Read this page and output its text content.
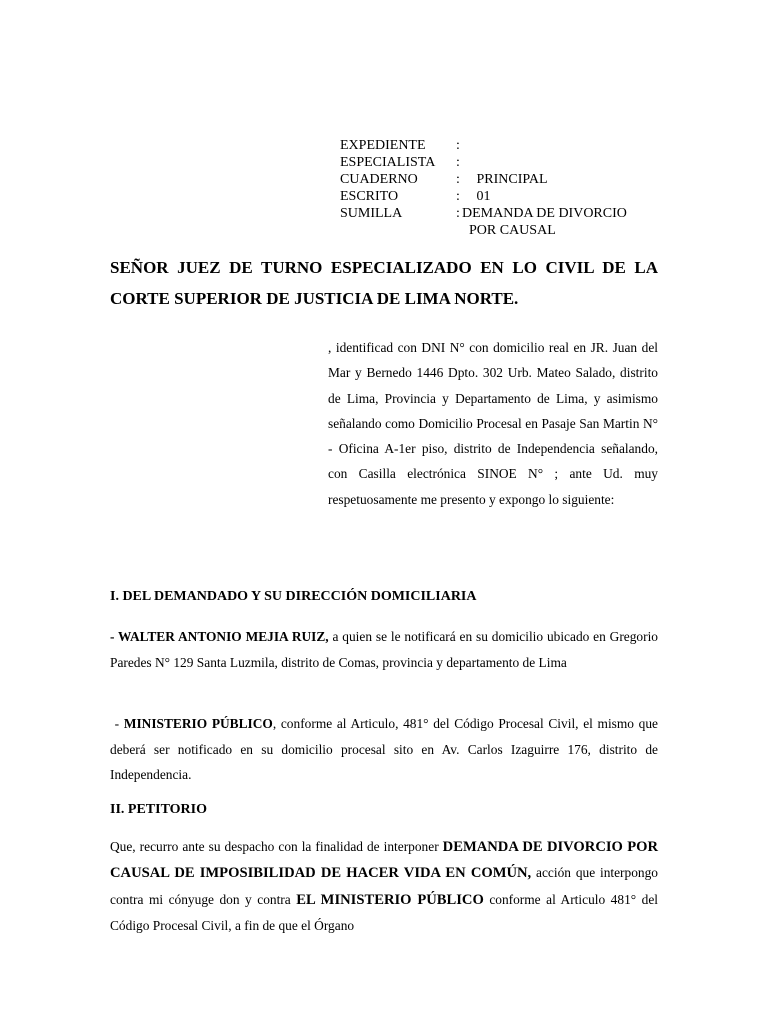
EXPEDIENTE	:
ESPECIALISTA	:
CUADERNO	: PRINCIPAL
ESCRITO	: 01
SUMILLA	: DEMANDA DE DIVORCIO
POR CAUSAL
SEÑOR JUEZ DE TURNO ESPECIALIZADO EN LO CIVIL DE LA CORTE SUPERIOR DE JUSTICIA DE LIMA NORTE.
, identificad con DNI N° con domicilio real en JR. Juan del Mar y Bernedo 1446 Dpto. 302 Urb. Mateo Salado, distrito de Lima, Provincia y Departamento de Lima, y asimismo señalando como Domicilio Procesal en Pasaje San Martin N° - Oficina A-1er piso, distrito de Independencia señalando, con Casilla electrónica SINOE N° ; ante Ud. muy respetuosamente me presento y expongo lo siguiente:
I. DEL DEMANDADO Y SU DIRECCIÓN DOMICILIARIA
- WALTER ANTONIO MEJIA RUIZ, a quien se le notificará en su domicilio ubicado en Gregorio Paredes N° 129 Santa Luzmila, distrito de Comas, provincia y departamento de Lima
- MINISTERIO PÚBLICO, conforme al Articulo, 481° del Código Procesal Civil, el mismo que deberá ser notificado en su domicilio procesal sito en Av. Carlos Izaguirre 176, distrito de Independencia.
II. PETITORIO
Que, recurro ante su despacho con la finalidad de interponer DEMANDA DE DIVORCIO POR CAUSAL DE IMPOSIBILIDAD DE HACER VIDA EN COMÚN, acción que interpongo contra mi cónyuge don y contra EL MINISTERIO PÚBLICO conforme al Articulo 481° del Código Procesal Civil, a fin de que el Órgano
